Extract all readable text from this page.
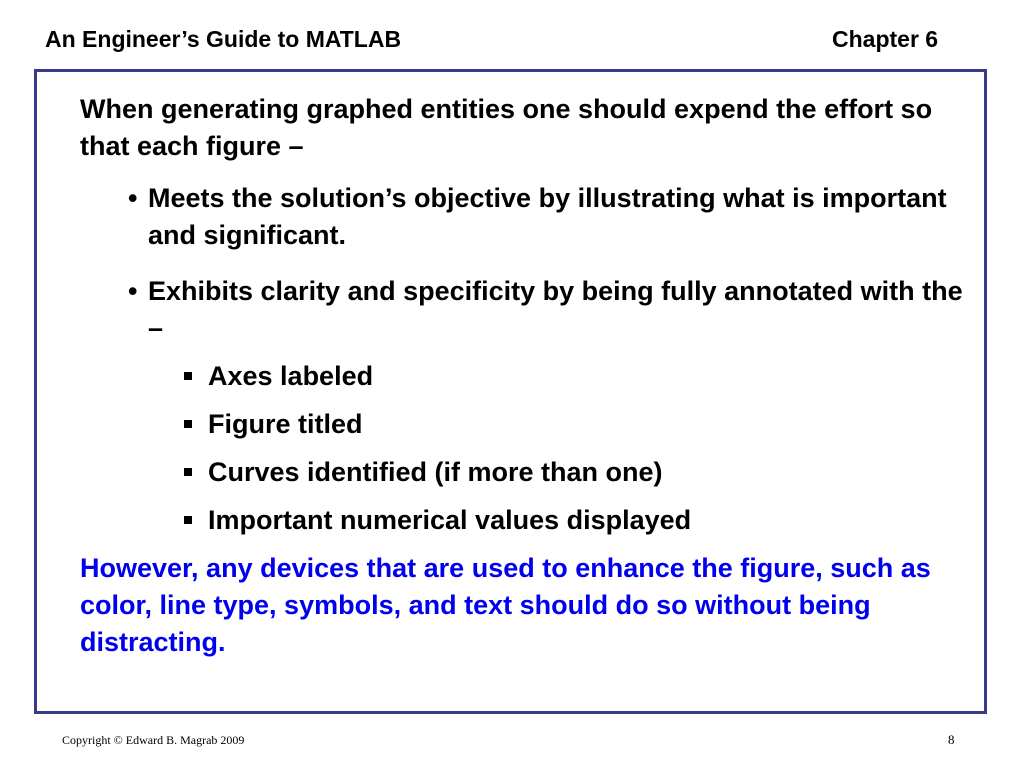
An Engineer’s Guide to MATLAB	Chapter 6

When generating graphed entities one should expend the effort so that each figure –

• Meets the solution’s objective by illustrating what is important and significant.
• Exhibits clarity and specificity by being fully annotated with the –
Axes labeled
Figure titled
Curves identified (if more than one)
Important numerical values displayed

However, any devices that are used to enhance the figure, such as color, line type, symbols, and text should do so without being distracting.

Copyright © Edward B. Magrab 2009	8
